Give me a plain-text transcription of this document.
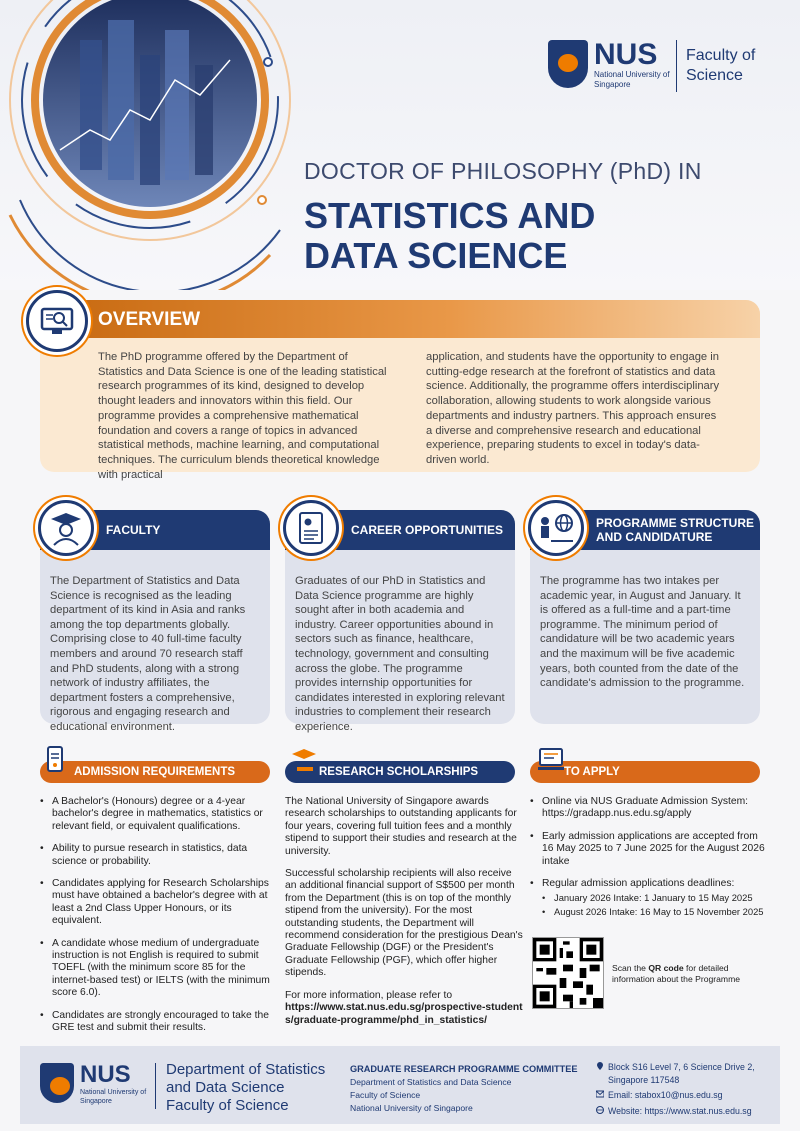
NUS
National University of Singapore
Faculty of Science
DOCTOR OF PHILOSOPHY (PhD) IN
STATISTICS AND
DATA SCIENCE
OVERVIEW
The PhD programme offered by the Department of Statistics and Data Science is one of the leading statistical research programmes of its kind, designed to develop thought leaders and innovators within this field. Our programme provides a comprehensive mathematical foundation and covers a range of topics in advanced statistical methods, machine learning, and computational techniques. The curriculum blends theoretical knowledge with practical
application, and students have the opportunity to engage in cutting-edge research at the forefront of statistics and data science. Additionally, the programme offers interdisciplinary collaboration, allowing students to work alongside various departments and industry partners. This approach ensures a diverse and comprehensive research and educational experience, preparing students to excel in today's data-driven world.
FACULTY
The Department of Statistics and Data Science is recognised as the leading department of its kind in Asia and ranks among the top departments globally. Comprising close to 40 full-time faculty members and around 70 research staff and PhD students, along with a strong network of industry affiliates, the department fosters a comprehensive, rigorous and engaging research and educational environment.
CAREER OPPORTUNITIES
Graduates of our PhD in Statistics and Data Science programme are highly sought after in both academia and industry. Career opportunities abound in sectors such as finance, healthcare, technology, government and consulting across the globe. The programme provides internship opportunities for candidates interested in exploring relevant industries to complement their research experience.
PROGRAMME STRUCTURE AND CANDIDATURE
The programme has two intakes per academic year, in August and January. It is offered as a full-time and a part-time programme. The minimum period of candidature will be two academic years and the maximum will be five academic years, both counted from the date of the candidate's admission to the programme.
ADMISSION REQUIREMENTS
• A Bachelor's (Honours) degree or a 4-year bachelor's degree in mathematics, statistics or relevant field, or equivalent qualifications.
• Ability to pursue research in statistics, data science or probability.
• Candidates applying for Research Scholarships must have obtained a bachelor's degree with at least a 2nd Class Upper Honours, or its equivalent.
• A candidate whose medium of undergraduate instruction is not English is required to submit TOEFL (with the minimum score 85 for the internet-based test) or IELTS (with the minimum score 6.0).
• Candidates are strongly encouraged to take the GRE test and submit their results.
RESEARCH SCHOLARSHIPS

The National University of Singapore awards research scholarships to outstanding applicants for four years, covering full tuition fees and a monthly stipend to support their studies and research at the university.

Successful scholarship recipients will also receive an additional financial support of S$500 per month from the Department (this is on top of the monthly stipend from the university). For the most outstanding students, the Department will recommend consideration for the prestigious Dean's Graduate Fellowship (DGF) or the President's Graduate Fellowship (PGF), which offer higher stipends.

For more information, please refer to

https://www.stat.nus.edu.sg/prospective-students/graduate-programme/phd_in_statistics/
TO APPLY
• Online via NUS Graduate Admission System: https://gradapp.nus.edu.sg/apply
• Early admission applications are accepted from 16 May 2025 to 7 June 2025 for the August 2026 intake
• Regular admission applications deadlines:
• January 2026 Intake: 1 January to 15 May 2025
• August 2026 Intake: 16 May to 15 November 2025
Scan the QR code for detailed information about the Programme
NUS
National University of Singapore
Department of Statistics
and Data Science
Faculty of Science
GRADUATE RESEARCH PROGRAMME COMMITTEE
Department of Statistics and Data Science
Faculty of Science
National University of Singapore
Block S16 Level 7, 6 Science Drive 2, Singapore 117548
Email: stabox10@nus.edu.sg
Website: https://www.stat.nus.edu.sg
